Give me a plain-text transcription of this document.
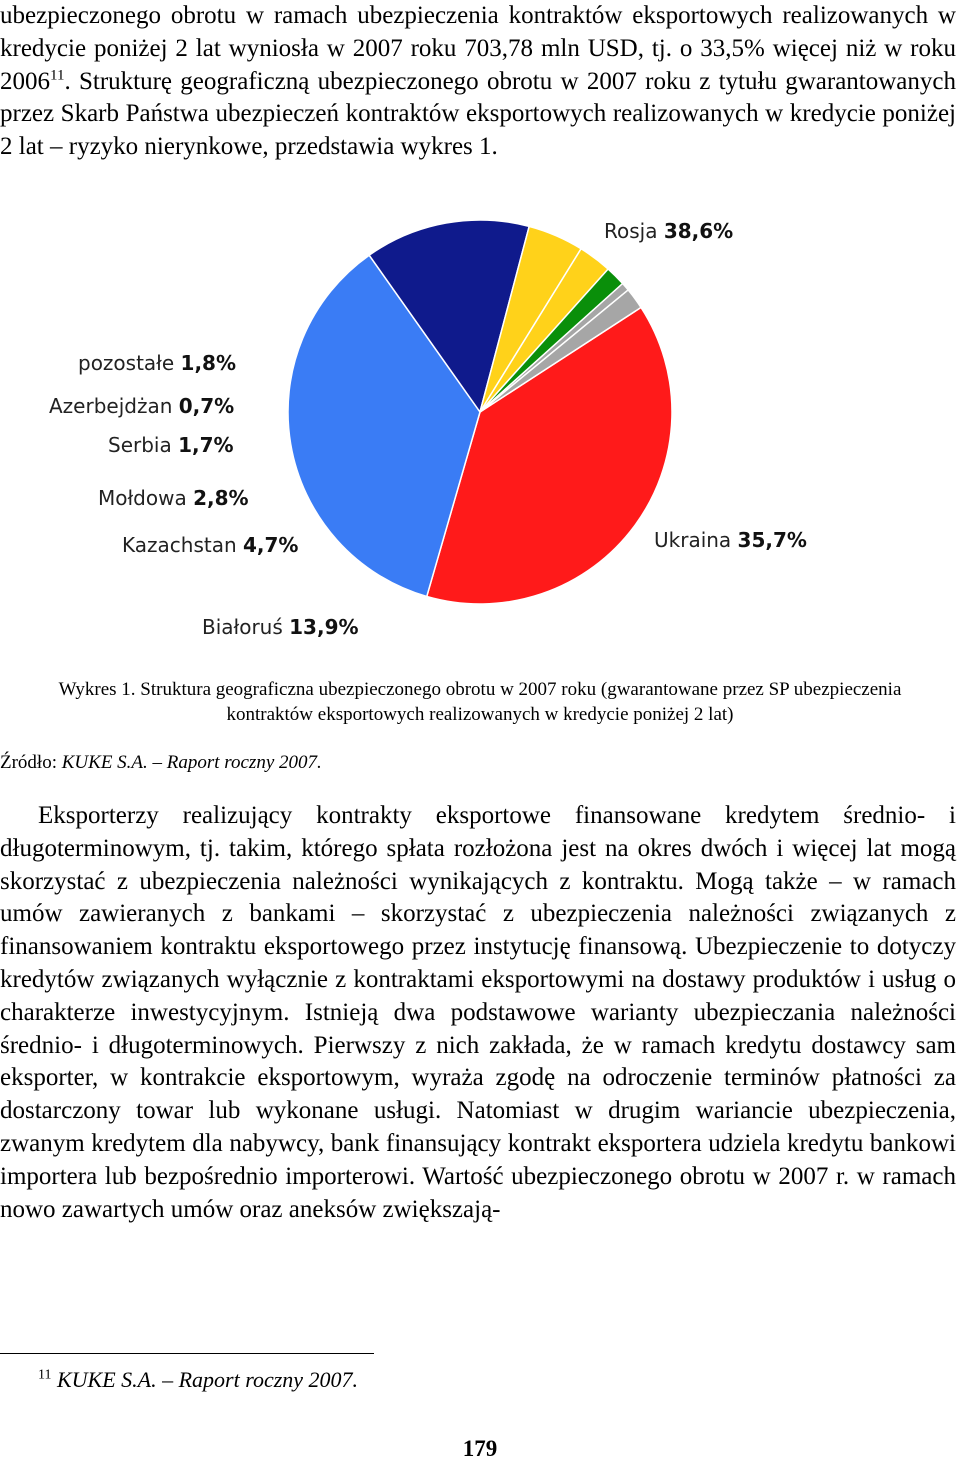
ubezpieczonego obrotu w ramach ubezpieczenia kontraktów eksportowych realizowanych w kredycie poniżej 2 lat wyniosła w 2007 roku 703,78 mln USD, tj. o 33,5% więcej niż w roku 2006$^{11}$. Strukturę geograficzną ubezpieczonego obrotu w 2007 roku z tytułu gwarantowanych przez Skarb Państwa ubezpieczeń kontraktów eksportowych realizowanych w kredycie poniżej 2 lat – ryzyko nierynkowe, przedstawia wykres 1.

Rosja 38,6%
Ukraina 35,7%
Białoruś 13,9%
Kazachstan 4,7%
Mołdowa 2,8%
Serbia 1,7%
Azerbejdżan 0,7%
pozostałe 1,8%
Wykres 1. Struktura geograficzna ubezpieczonego obrotu w 2007 roku (gwarantowane przez SP ubezpieczenia
kontraktów eksportowych realizowanych w kredycie poniżej 2 lat)
Źródło: KUKE S.A. – Raport roczny 2007.

Eksporterzy realizujący kontrakty eksportowe finansowane kredytem średnio- i długoterminowym, tj. takim, którego spłata rozłożona jest na okres dwóch i więcej lat mogą skorzystać z ubezpieczenia należności wynikających z kontraktu. Mogą także – w ramach umów zawieranych z bankami – skorzystać z ubezpieczenia należności związanych z finansowaniem kontraktu eksportowego przez instytucję finansową. Ubezpieczenie to dotyczy kredytów związanych wyłącznie z kontraktami eksportowymi na dostawy produktów i usług o charakterze inwestycyjnym. Istnieją dwa podstawowe warianty ubezpieczania należności średnio- i długoterminowych. Pierwszy z nich zakłada, że w ramach kredytu dostawcy sam eksporter, w kontrakcie eksportowym, wyraża zgodę na odroczenie terminów płatności za dostarczony towar lub wykonane usługi. Natomiast w drugim wariancie ubezpieczenia, zwanym kredytem dla nabywcy, bank finansujący kontrakt eksportera udziela kredytu bankowi importera lub bezpośrednio importerowi. Wartość ubezpieczonego obrotu w 2007 r. w ramach nowo zawartych umów oraz aneksów zwiększają-

$^{11}$ KUKE S.A. – Raport roczny 2007.
179
